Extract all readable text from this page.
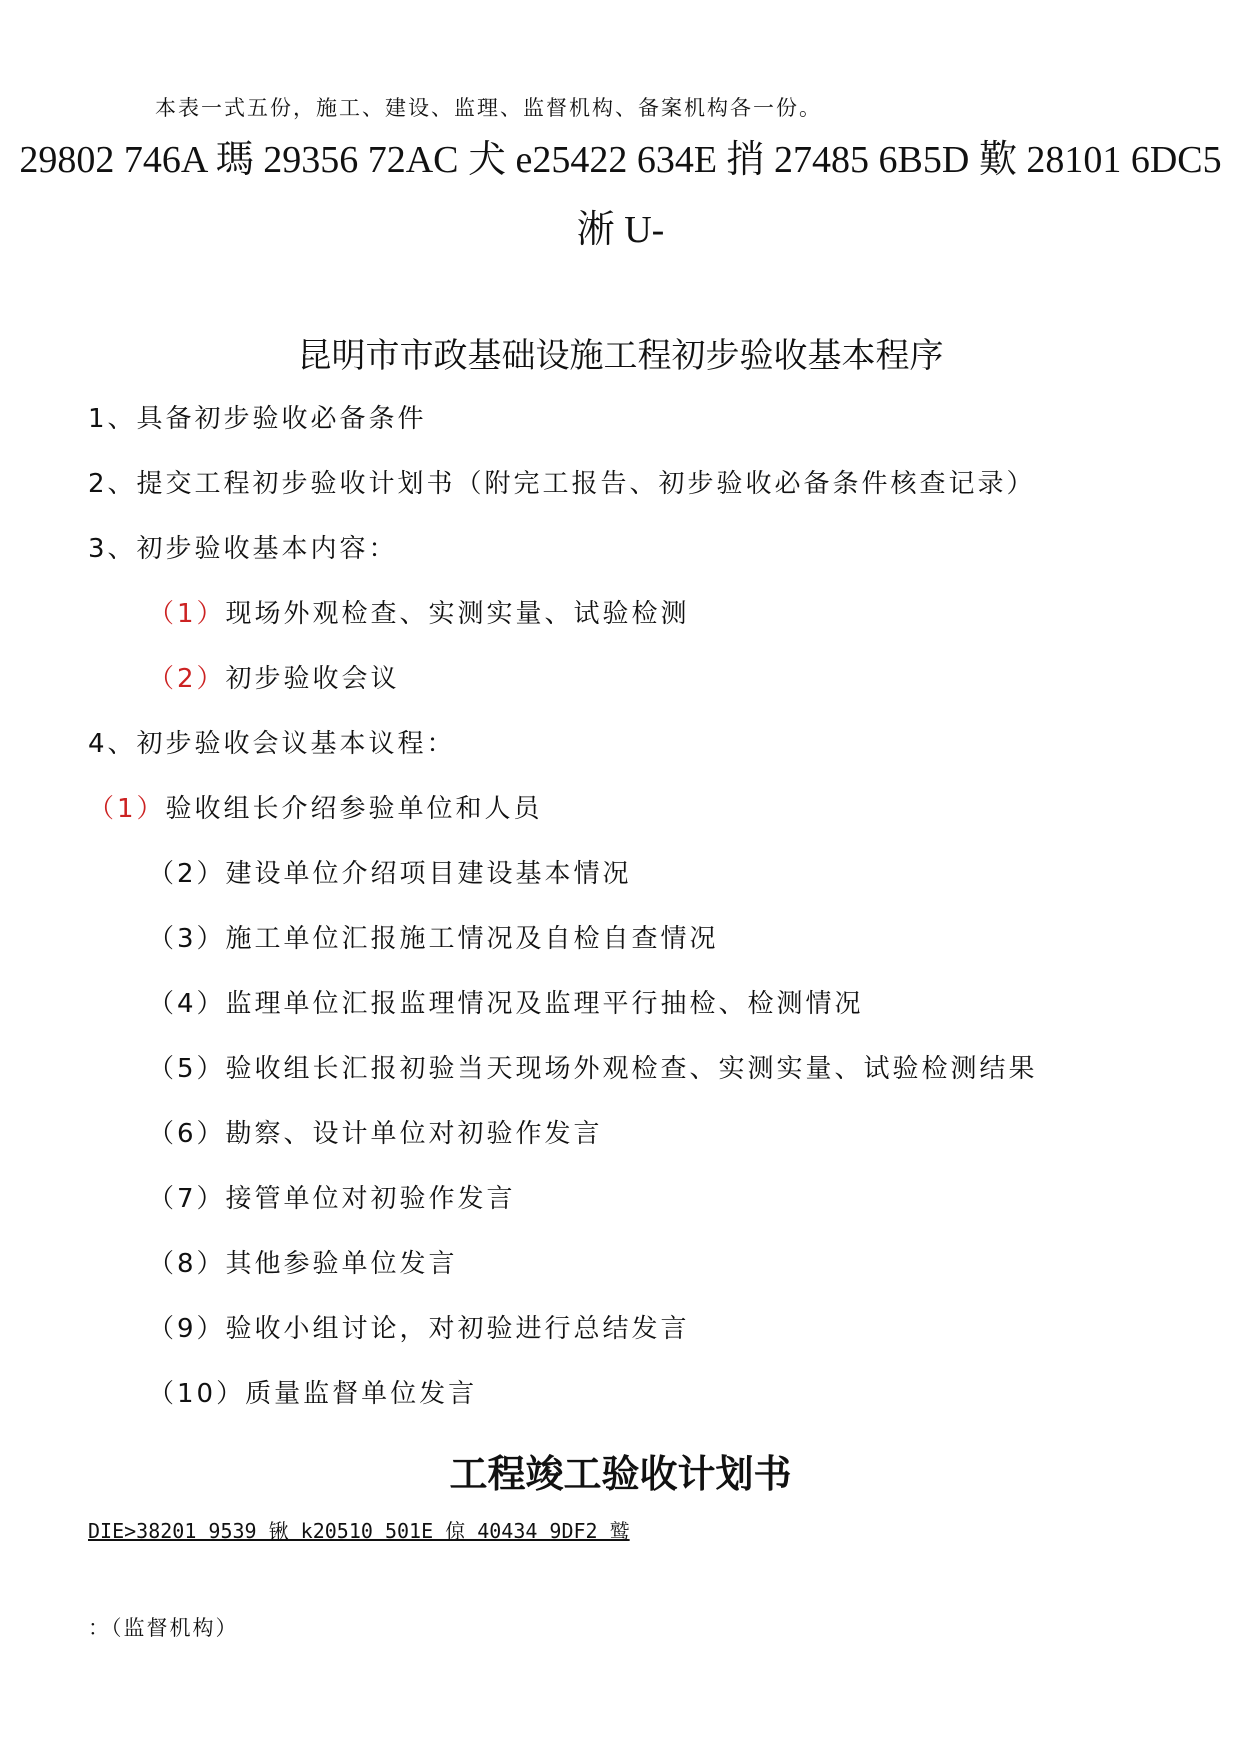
本表一式五份，施工、建设、监理、监督机构、备案机构各一份。
29802 746A 瑪 29356 72AC 犬 e25422 634E 捎 27485 6B5D 歎 28101 6DC5
淅 U-
昆明市市政基础设施工程初步验收基本程序
1、具备初步验收必备条件
2、提交工程初步验收计划书（附完工报告、初步验收必备条件核查记录）
3、初步验收基本内容：
（1）现场外观检查、实测实量、试验检测
（2）初步验收会议
4、初步验收会议基本议程：
（1）验收组长介绍参验单位和人员
（2）建设单位介绍项目建设基本情况
（3）施工单位汇报施工情况及自检自查情况
（4）监理单位汇报监理情况及监理平行抽检、检测情况
（5）验收组长汇报初验当天现场外观检查、实测实量、试验检测结果
（6）勘察、设计单位对初验作发言
（7）接管单位对初验作发言
（8）其他参验单位发言
（9）验收小组讨论，对初验进行总结发言
（10）质量监督单位发言
工程竣工验收计划书
DIE>38201 9539 锹 k20510 501E 倞 40434 9DF2 鹫
：（监督机构）
